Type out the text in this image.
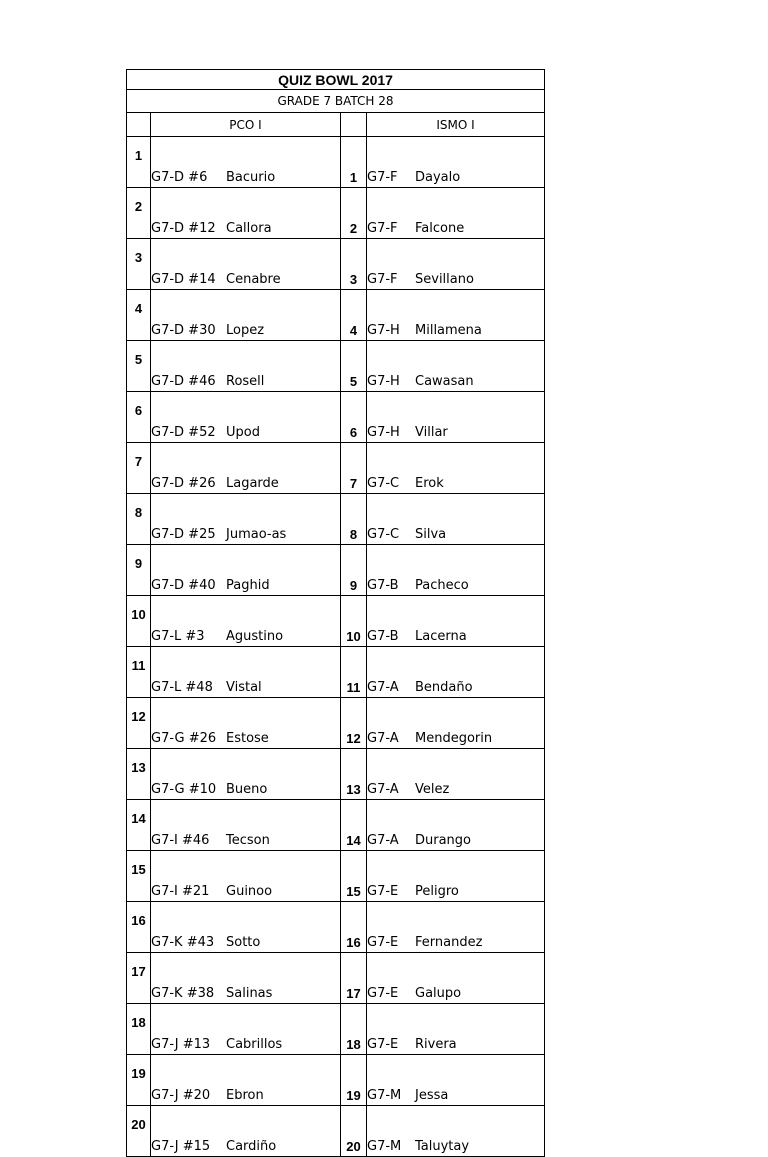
QUIZ BOWL 2017			
GRADE 7 BATCH 28			
	PCO I		ISMO I
1	G7-D #6 Bacurio	1	G7-F Dayalo
2	G7-D #12 Callora	2	G7-F Falcone
3	G7-D #14 Cenabre	3	G7-F Sevillano
4	G7-D #30 Lopez	4	G7-H Millamena
5	G7-D #46 Rosell	5	G7-H Cawasan
6	G7-D #52 Upod	6	G7-H Villar
7	G7-D #26 Lagarde	7	G7-C Erok
8	G7-D #25 Jumao-as	8	G7-C Silva
9	G7-D #40 Paghid	9	G7-B Pacheco
10	G7-L #3 Agustino	10	G7-B Lacerna
11	G7-L #48 Vistal	11	G7-A Bendaño
12	G7-G #26 Estose	12	G7-A Mendegorin
13	G7-G #10 Bueno	13	G7-A Velez
14	G7-I #46 Tecson	14	G7-A Durango
15	G7-I #21 Guinoo	15	G7-E Peligro
16	G7-K #43 Sotto	16	G7-E Fernandez
17	G7-K #38 Salinas	17	G7-E Galupo
18	G7-J #13 Cabrillos	18	G7-E Rivera
19	G7-J #20 Ebron	19	G7-M Jessa
20	G7-J #15 Cardiño	20	G7-M Taluytay
